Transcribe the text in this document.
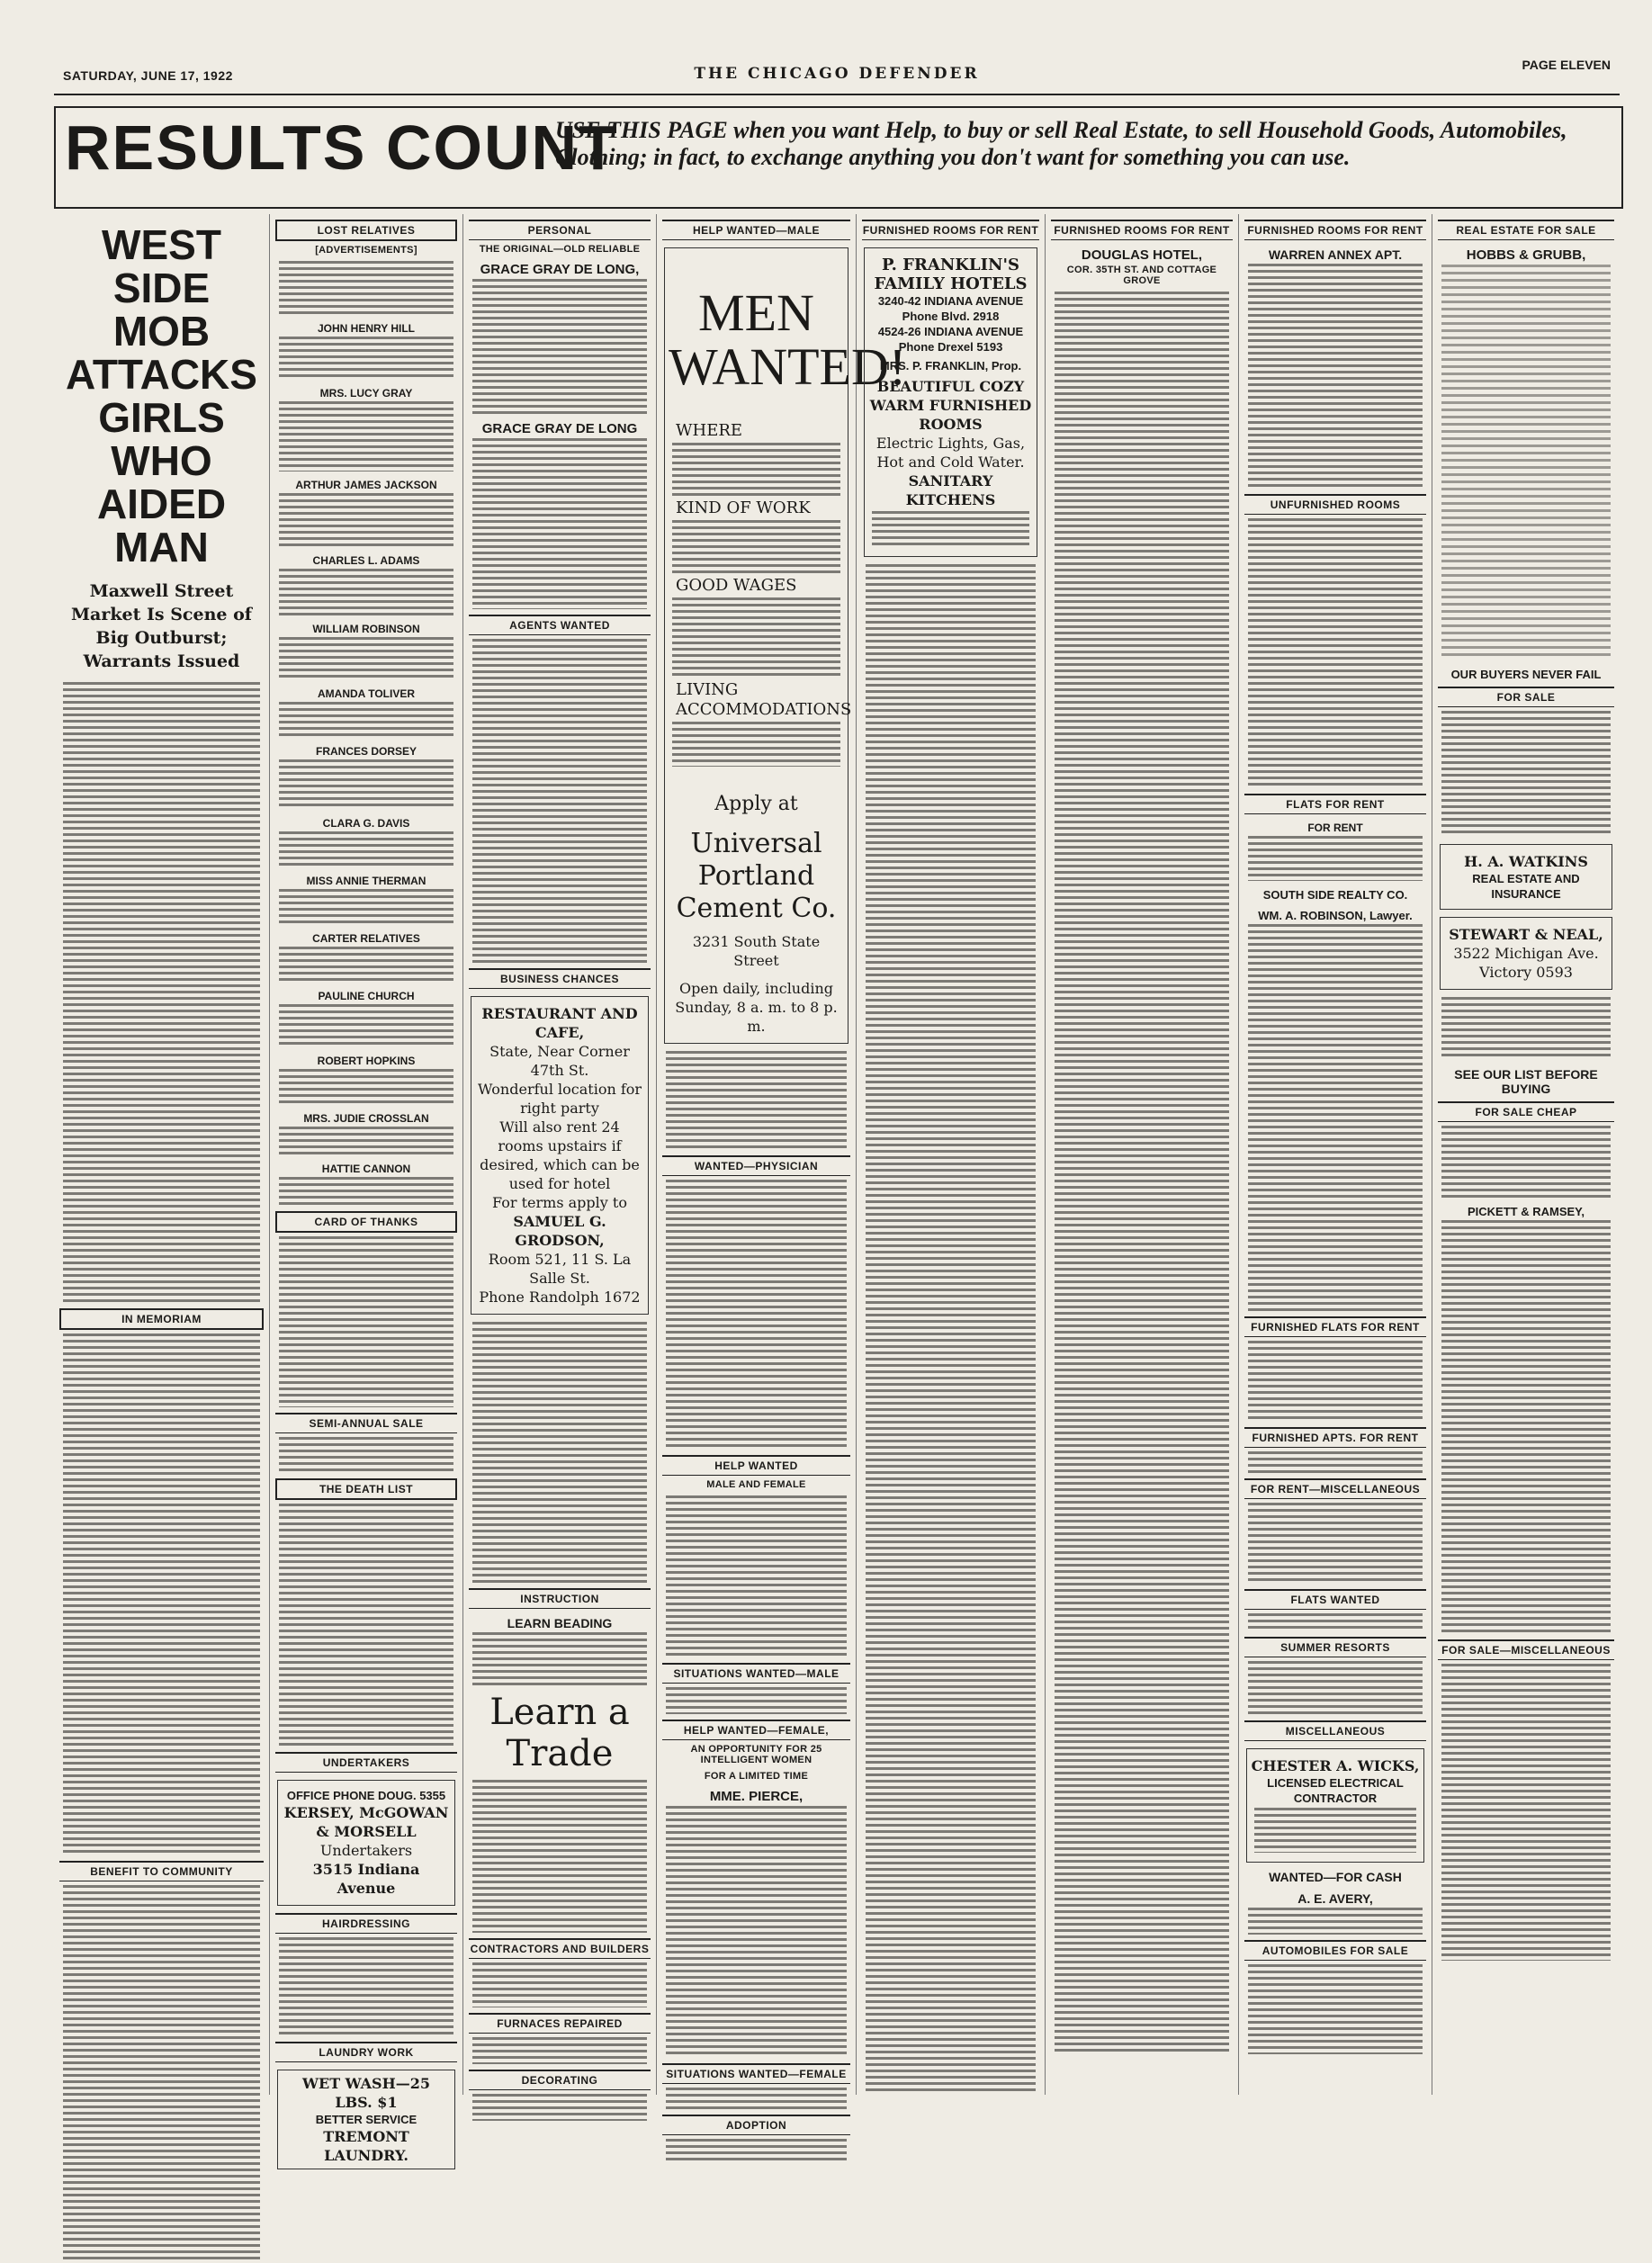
SATURDAY, JUNE 17, 1922	THE CHICAGO DEFENDER	PAGE ELEVEN
RESULTS COUNT
USE THIS PAGE when you want Help, to buy or sell Real Estate, to sell Household Goods, Automobiles, Clothing; in fact, to exchange anything you don't want for something you can use.
WEST SIDE MOB ATTACKS GIRLS WHO AIDED MAN
Maxwell Street Market Is Scene of Big Outburst; Warrants Issued
IN MEMORIAM
BENEFIT TO COMMUNITY
LOST RELATIVES
[ADVERTISEMENTS]
JOHN HENRY HILL
MRS. LUCY GRAY
ARTHUR JAMES JACKSON
CHARLES L. ADAMS
WILLIAM ROBINSON
AMANDA TOLIVER
FRANCES DORSEY
CLARA G. DAVIS
MISS ANNIE THERMAN
CARTER RELATIVES
PAULINE CHURCH
ROBERT HOPKINS
MRS. JUDIE CROSSLAN
HATTIE CANNON
CARD OF THANKS
SEMI-ANNUAL SALE
THE DEATH LIST
UNDERTAKERS
OFFICE PHONE DOUG. 5355
KERSEY, McGOWAN & MORSELL
Undertakers
3515 Indiana Avenue
HAIRDRESSING
LAUNDRY WORK
WET WASH—25 LBS. $1
BETTER SERVICE
TREMONT LAUNDRY.
PERSONAL
THE ORIGINAL—OLD RELIABLE
GRACE GRAY DE LONG,
GRACE GRAY DE LONG
AGENTS WANTED
BUSINESS CHANCES
RESTAURANT AND CAFE,
State, Near Corner 47th St.
Wonderful location for right party
Will also rent 24 rooms upstairs if desired, which can be used for hotel
For terms apply to
SAMUEL G. GRODSON,
Room 521, 11 S. La Salle St.
Phone Randolph 1672
INSTRUCTION
LEARN BEADING
Learn a Trade
CONTRACTORS AND BUILDERS
FURNACES REPAIRED
DECORATING
HELP WANTED—MALE
MEN WANTED!
WHERE
KIND OF WORK
GOOD WAGES
LIVING ACCOMMODATIONS
Apply at
Universal Portland Cement Co.
3231 South State Street
Open daily, including Sunday, 8 a. m. to 8 p. m.
WANTED—PHYSICIAN
HELP WANTED
MALE AND FEMALE
SITUATIONS WANTED—MALE
HELP WANTED—FEMALE,
AN OPPORTUNITY FOR 25 INTELLIGENT WOMEN
FOR A LIMITED TIME
MME. PIERCE,
SITUATIONS WANTED—FEMALE
ADOPTION
FURNISHED ROOMS FOR RENT
P. FRANKLIN'S FAMILY HOTELS
3240-42 INDIANA AVENUE
Phone Blvd. 2918
4524-26 INDIANA AVENUE
Phone Drexel 5193
MRS. P. FRANKLIN, Prop.
BEAUTIFUL COZY WARM FURNISHED ROOMS
Electric Lights, Gas, Hot and Cold Water.
SANITARY KITCHENS
FURNISHED ROOMS FOR RENT
DOUGLAS HOTEL,
COR. 35TH ST. AND COTTAGE GROVE
FURNISHED ROOMS FOR RENT
WARREN ANNEX APT.
UNFURNISHED ROOMS
FLATS FOR RENT
FOR RENT
SOUTH SIDE REALTY CO.
WM. A. ROBINSON, Lawyer.
FURNISHED FLATS FOR RENT
FURNISHED APTS. FOR RENT
FOR RENT—MISCELLANEOUS
FLATS WANTED
SUMMER RESORTS
MISCELLANEOUS
CHESTER A. WICKS,
LICENSED ELECTRICAL CONTRACTOR
WANTED—FOR CASH
A. E. AVERY,
AUTOMOBILES FOR SALE
REAL ESTATE FOR SALE
HOBBS & GRUBB,
OUR BUYERS NEVER FAIL
FOR SALE
H. A. WATKINS
REAL ESTATE AND INSURANCE
STEWART & NEAL,
3522 Michigan Ave.
Victory 0593
SEE OUR LIST BEFORE BUYING
FOR SALE CHEAP
PICKETT & RAMSEY,
FOR SALE—MISCELLANEOUS
